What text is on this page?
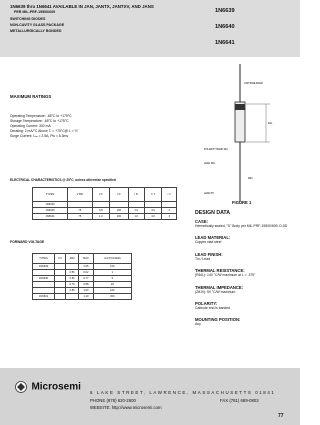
1N6639 thru 1N6641 AVAILABLE IN JAN, JANTX, JANTXV, AND JANS
PER MIL-PRF-19500/609
SWITCHING DIODES
NON-CAVITY GLASS PACKAGE
METALLURGICALLY BONDED
1N6639
1N6640
1N6641
MAXIMUM RATINGS
Operating Temperature: -65°C to +175°C
Storage Temperature: -65°C to +175°C
Operating Current: 300 mA
Derating: 2 mA/°C Above Tₗ = +75°C@ L = ⅔"
Surge Current: Iₛₘ = 2.5A, Pw = 8.3ms
ELECTRICAL CHARACTERISTICS @ 25°C, unless otherwise specified
TYPES	V BR	V F	I R	I R	C T	t rr
1N6639						
1N6640	75	0.8	100	1.0	4.0	4
1N6641	75	1.0	100	1.0	4.0	4
FORWARD VOLTAGE
TYPES	V F	MIN	MAX	mA (PULSED)
1N6639			1.05	100
		0.56	0.62	1
1N6640		0.66	0.77	5
		0.76	0.88	20
		0.86	1.00	100
1N6641			1.10	300
CATHODE BAND
POLARITY BAND DIA.
LEAD DIA.
DIA.
MIN.
LENGTH
FIGURE 1
DESIGN DATA
CASE:
Hermetically sealed, "D" Body per MIL-PRF-19500/609, D-5D
LEAD MATERIAL:
Copper clad steel
LEAD FINISH:
Tin / Lead
THERMAL RESISTANCE:
(RθJL): 140 °C/W maximum at L = .375"
THERMAL IMPEDANCE:
(ZθJX): 50 °C/W maximum
POLARITY:
Cathode end is banded.
MOUNTING POSITION:
Any
Microsemi
6 LAKE STREET, LAWRENCE, MASSACHUSETTS 01841
PHONE (978) 620-2600	FAX (781) 689-0803
WEBSITE: http://www.microsemi.com
77
